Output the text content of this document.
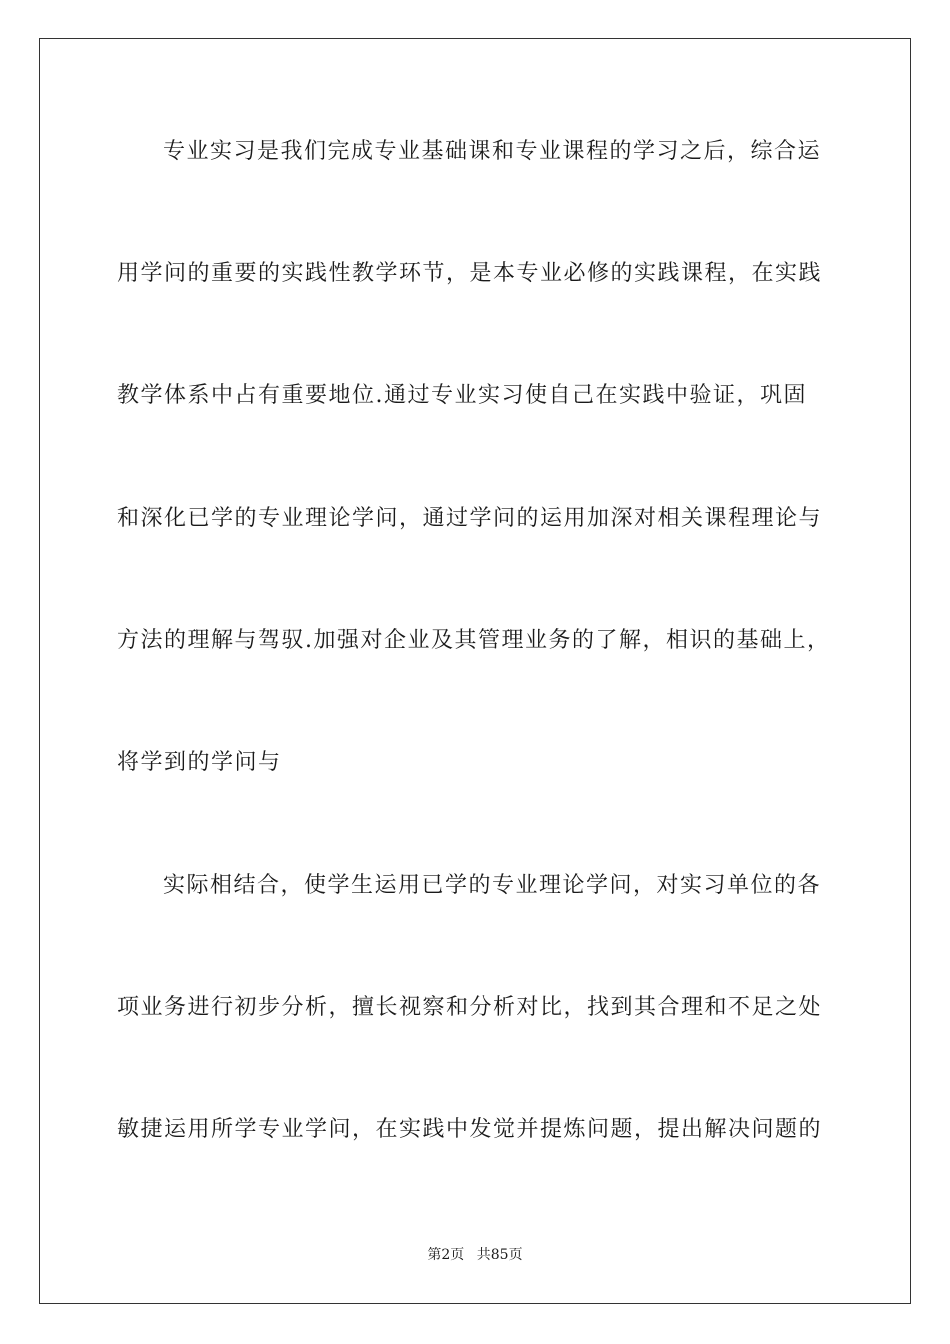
专业实习是我们完成专业基础课和专业课程的学习之后，综合运
用学问的重要的实践性教学环节，是本专业必修的实践课程，在实践
教学体系中占有重要地位.通过专业实习使自己在实践中验证，巩固
和深化已学的专业理论学问，通过学问的运用加深对相关课程理论与
方法的理解与驾驭.加强对企业及其管理业务的了解，相识的基础上，
将学到的学问与
实际相结合，使学生运用已学的专业理论学问，对实习单位的各
项业务进行初步分析，擅长视察和分析对比，找到其合理和不足之处
敏捷运用所学专业学问，在实践中发觉并提炼问题，提出解决问题的
第2页 共85页
